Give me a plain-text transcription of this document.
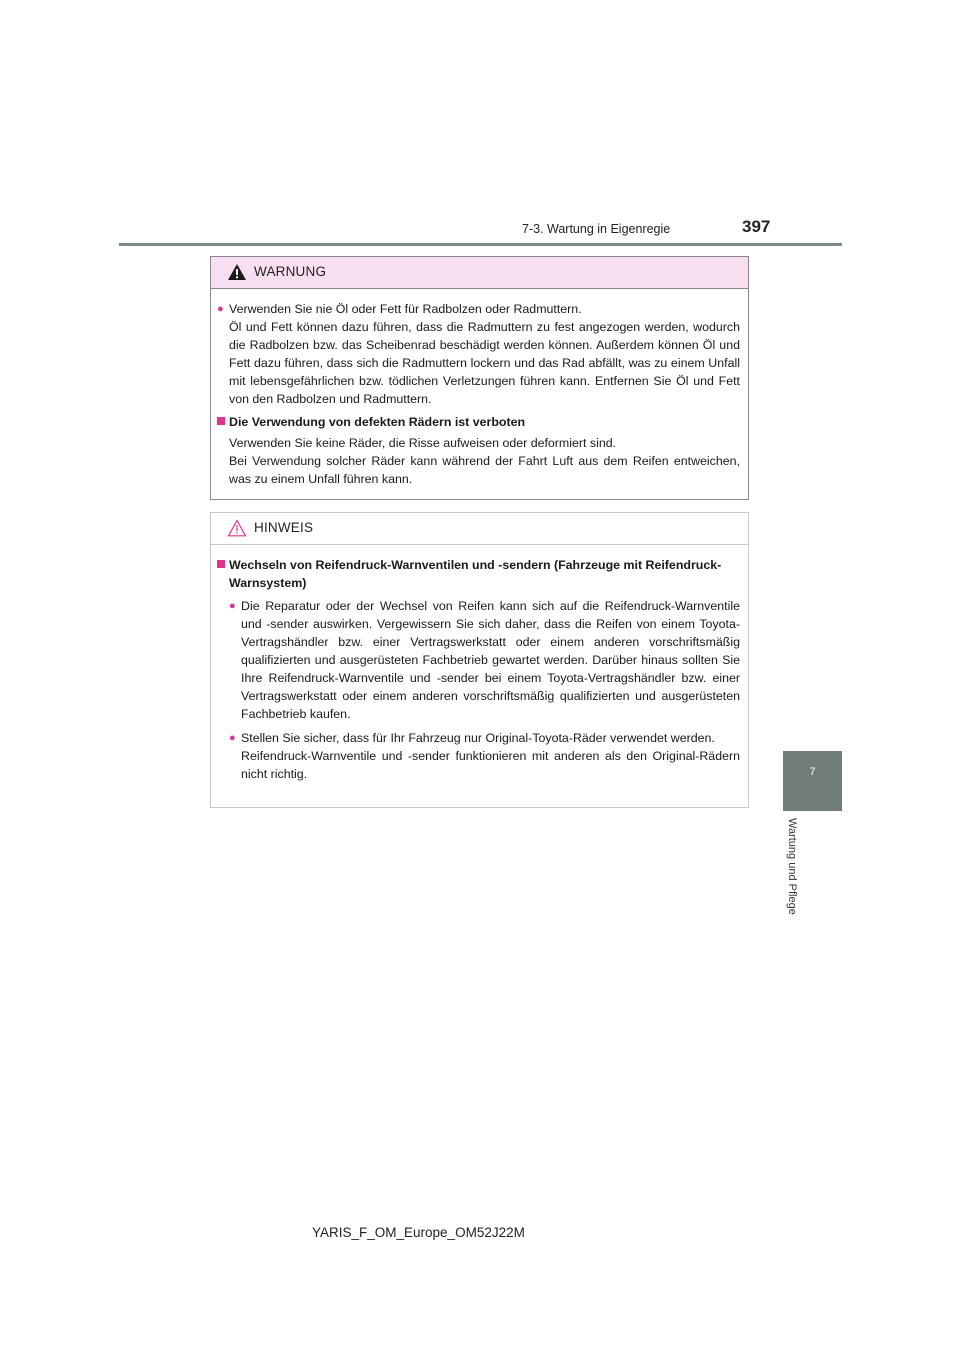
7-3. Wartung in Eigenregie	397
7
Wartung und Pflege
WARNUNG
● Verwenden Sie nie Öl oder Fett für Radbolzen oder Radmuttern.
Öl und Fett können dazu führen, dass die Radmuttern zu fest angezogen werden, wodurch die Radbolzen bzw. das Scheibenrad beschädigt werden können. Außerdem können Öl und Fett dazu führen, dass sich die Radmuttern lockern und das Rad abfällt, was zu einem Unfall mit lebensgefährlichen bzw. tödlichen Verletzungen führen kann. Entfernen Sie Öl und Fett von den Radbolzen und Radmuttern.
Die Verwendung von defekten Rädern ist verboten
Verwenden Sie keine Räder, die Risse aufweisen oder deformiert sind.
Bei Verwendung solcher Räder kann während der Fahrt Luft aus dem Reifen entweichen, was zu einem Unfall führen kann.
HINWEIS
Wechseln von Reifendruck-Warnventilen und -sendern (Fahrzeuge mit Reifendruck-Warnsystem)
● Die Reparatur oder der Wechsel von Reifen kann sich auf die Reifendruck-Warnventile und -sender auswirken. Vergewissern Sie sich daher, dass die Reifen von einem Toyota-Vertragshändler bzw. einer Vertragswerkstatt oder einem anderen vorschriftsmäßig qualifizierten und ausgerüsteten Fachbetrieb gewartet werden. Darüber hinaus sollten Sie Ihre Reifendruck-Warnventile und -sender bei einem Toyota-Vertragshändler bzw. einer Vertragswerkstatt oder einem anderen vorschriftsmäßig qualifizierten und ausgerüsteten Fachbetrieb kaufen.
● Stellen Sie sicher, dass für Ihr Fahrzeug nur Original-Toyota-Räder verwendet werden.
Reifendruck-Warnventile und -sender funktionieren mit anderen als den Original-Rädern nicht richtig.
YARIS_F_OM_Europe_OM52J22M
